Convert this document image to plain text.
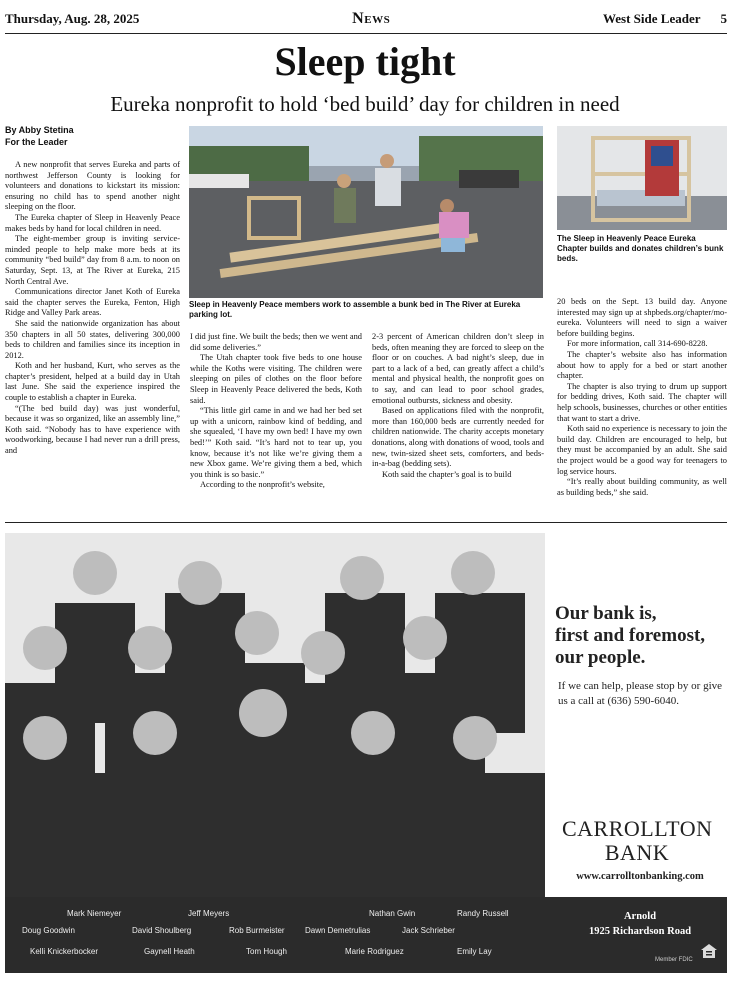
Thursday, Aug. 28, 2025	News	West Side Leader 5
Sleep tight
Eureka nonprofit to hold ‘bed build’ day for children in need
By Abby Stetina
For the Leader

A new nonprofit that serves Eureka and parts of northwest Jefferson County is looking for volunteers and donations to kickstart its mission: ensuring no child has to spend another night sleeping on the floor.

The Eureka chapter of Sleep in Heavenly Peace makes beds by hand for local children in need.

The eight-member group is inviting service-minded people to help make more beds at its community “bed build” day from 8 a.m. to noon on Saturday, Sept. 13, at The River at Eureka, 215 North Central Ave.

Communications director Janet Koth of Eureka said the chapter serves the Eureka, Fenton, High Ridge and Valley Park areas.

She said the nationwide organization has about 350 chapters in all 50 states, delivering 300,000 beds to children and families since its inception in 2012.

Koth and her husband, Kurt, who serves as the chapter’s president, helped at a build day in Utah last June. She said the experience inspired the couple to establish a chapter in Eureka.

“(The bed build day) was just wonderful, because it was so organized, like an assembly line,” Koth said. “Nobody has to have experience with woodworking, because I had never run a drill press, and

Sleep in Heavenly Peace members work to assemble a bunk bed in The River at Eureka parking lot.
The Sleep in Heavenly Peace Eureka Chapter builds and donates children’s bunk beds.

I did just fine. We built the beds; then we went and did some deliveries.”

The Utah chapter took five beds to one house while the Koths were visiting. The children were sleeping on piles of clothes on the floor before Sleep in Heavenly Peace delivered the beds, Koth said.

“This little girl came in and we had her bed set up with a unicorn, rainbow kind of bedding, and she squealed, ‘I have my own bed! I have my own bed!’” Koth said. “It’s hard not to tear up, you know, because it’s not like we’re giving them a new Xbox game. We’re giving them a bed, which you think is so basic.”

According to the nonprofit’s website,

2-3 percent of American children don’t sleep in beds, often meaning they are forced to sleep on the floor or on couches. A bad night’s sleep, due in part to a lack of a bed, can greatly affect a child’s mental and physical health, the nonprofit goes on to say, and can lead to poor school grades, emotional outbursts, sickness and obesity.

Based on applications filed with the nonprofit, more than 160,000 beds are currently needed for children nationwide. The charity accepts monetary donations, along with donations of wood, tools and new, twin-sized sheet sets, comforters, and beds-in-a-bag (bedding sets).

Koth said the chapter’s goal is to build

20 beds on the Sept. 13 build day. Anyone interested may sign up at shpbeds.org/chapter/mo-eureka. Volunteers will need to sign a waiver before building begins.

For more information, call 314-690-8228.

The chapter’s website also has information about how to apply for a bed or start another chapter.

The chapter is also trying to drum up support for bedding drives, Koth said. The chapter will help schools, businesses, churches or other entities that want to start a drive.

Koth said no experience is necessary to join the build day. Children are encouraged to help, but they must be accompanied by an adult. She said the project would be a good way for teenagers to log service hours.

“It’s really about building community, as well as building beds,” she said.

Our bank is,
first and foremost,
our people.
If we can help, please stop by or give us a call at (636) 590-6040.
CARROLLTON
BANK
www.carrolltonbanking.com
Mark Niemeyer	Jeff Meyers	Nathan Gwin	Randy Russell
Doug Goodwin	David Shoulberg	Rob Burmeister	Dawn Demetrulias	Jack Schrieber
Kelli Knickerbocker	Gaynell Heath	Tom Hough	Marie Rodriguez	Emily Lay
Arnold
1925 Richardson Road
Member FDIC
